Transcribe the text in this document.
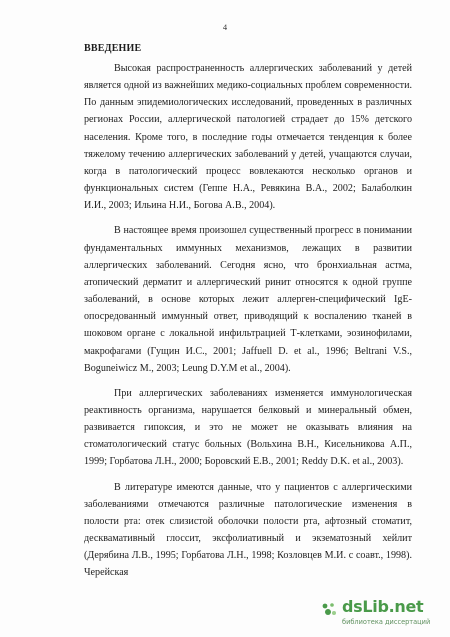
4
ВВЕДЕНИЕ

Высокая распространенность аллергических заболеваний у детей является одной из важнейших медико-социальных проблем современности. По данным эпидемиологических исследований, проведенных в различных регионах России, аллергической патологией страдает до 15% детского населения. Кроме того, в последние годы отмечается тенденция к более тяжелому течению аллергических заболеваний у детей, учащаются случаи, когда в патологический процесс вовлекаются несколько органов и функциональных систем (Геппе Н.А., Ревякина В.А., 2002; Балаболкин И.И., 2003; Ильина Н.И., Богова А.В., 2004).

В настоящее время произошел существенный прогресс в понимании фундаментальных иммунных механизмов, лежащих в развитии аллергических заболеваний. Сегодня ясно, что бронхиальная астма, атопический дерматит и аллергический ринит относятся к одной группе заболеваний, в основе которых лежит аллерген-специфический IgE-опосредованный иммунный ответ, приводящий к воспалению тканей в шоковом органе с локальной инфильтрацией Т-клетками, эозинофилами, макрофагами (Гущин И.С., 2001; Jaffuell D. et al., 1996; Beltrani V.S., Boguneiwicz M., 2003; Leung D.Y.M et al., 2004).

При аллергических заболеваниях изменяется иммунологическая реактивность организма, нарушается белковый и минеральный обмен, развивается гипоксия, и это не может не оказывать влияния на стоматологический статус больных (Вольхина В.Н., Кисельникова А.П., 1999; Горбатова Л.Н., 2000; Боровский Е.В., 2001; Reddy D.K. et al., 2003).

В литературе имеются данные, что у пациентов с аллергическими заболеваниями отмечаются различные патологические изменения в полости рта: отек слизистой оболочки полости рта, афтозный стоматит, десквамативный глоссит, эксфолиативный и экзематозный хейлит (Дерябина Л.В., 1995; Горбатова Л.Н., 1998; Козловцев М.И. с соавт., 1998). Черейская

dsLib.net
библиотека диссертаций
